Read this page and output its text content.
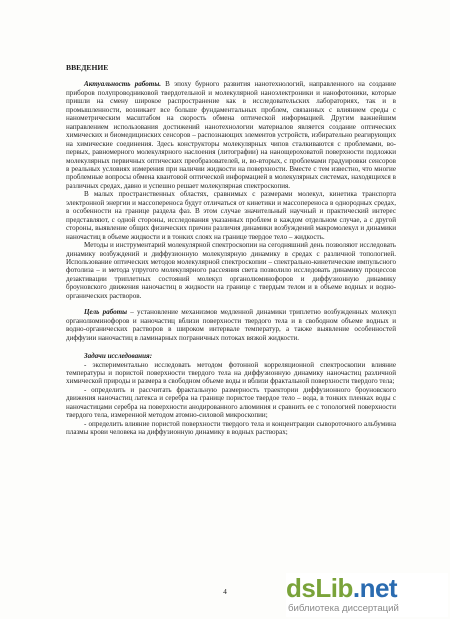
ВВЕДЕНИЕ

Актуальность работы. В эпоху бурного развития нанотехнологий, направленного на создание приборов полупроводниковой твердотельной и молекулярной наноэлектроники и нанофотоники, которые пришли на смену широкое распространение как в исследовательских лабораториях, так и в промышленности, возникает все больше фундаментальных проблем, связанных с влиянием среды с нанометрическим масштабом на скорость обмена оптической информацией. Другим важнейшим направлением использования достижений нанотехнологии материалов является создание оптических химических и биомедицинских сенсоров – распознающих элементов устройств, избирательно реагирующих на химические соединения. Здесь конструкторы молекулярных чипов сталкиваются с проблемами, во-первых, равномерного молекулярного наслоения (литографии) на нанощероховатой поверхности подложки молекулярных первичных оптических преобразователей, и, во-вторых, с проблемами градуировки сенсоров в реальных условиях измерения при наличии жидкости на поверхности. Вместе с тем известно, что многие проблемные вопросы обмена квантовой оптической информацией в молекулярных системах, находящихся в различных средах, давно и успешно решает молекулярная спектроскопия.

В малых пространственных областях, сравнимых с размерами молекул, кинетика транспорта электронной энергии и массопереноса будут отличаться от кинетики и массопереноса в однородных средах, в особенности на границе раздела фаз. В этом случае значительный научный и практический интерес представляют, с одной стороны, исследования указанных проблем в каждом отдельном случае, а с другой стороны, выявление общих физических причин различия динамики возбуждений макромолекул и динамики наночастиц в объеме жидкости и в тонких слоях на границе твердое тело – жидкость.

Методы и инструментарий молекулярной спектроскопии на сегодняшний день позволяют исследовать динамику возбуждений и диффузионную молекулярную динамику в средах с различной топологией. Использование оптических методов молекулярной спектроскопии – спектрально-кинетические импульсного фотолиза – и метода упругого молекулярного рассеяния света позволило исследовать динамику процессов дезактивации триплетных состояний молекул органолюминофоров и диффузионную динамику броуновского движения наночастиц в жидкости на границе с твердым телом и в объеме водных и водно-органических растворов.

Цель работы – установление механизмов медленной динамики триплетно возбужденных молекул органолюминофоров и наночастиц вблизи поверхности твердого тела и в свободном объеме водных и водно-органических растворов в широком интервале температур, а также выявление особенностей диффузии наночастиц в ламинарных пограничных потоках вязкой жидкости.

Задачи исследования:

- экспериментально исследовать методом фотонной корреляционной спектроскопии влияние температуры и пористой поверхности твердого тела на диффузионную динамику наночастиц различной химической природы и размера в свободном объеме воды и вблизи фрактальной поверхности твердого тела;

- определить и рассчитать фрактальную размерность траектории диффузионного броуновского движения наночастиц латекса и серебра на границе пористое твердое тело – вода, в тонких пленках воды с наночастицами серебра на поверхности анодированного алюминия и сравнить ее с топологией поверхности твердого тела, измеренной методом атомно-силовой микроскопии;

- определить влияние пористой поверхности твердого тела и концентрации сывороточного альбумина плазмы крови человека на диффузионную динамику в водных растворах;

4	dsLib.net
библиотека диссертаций
